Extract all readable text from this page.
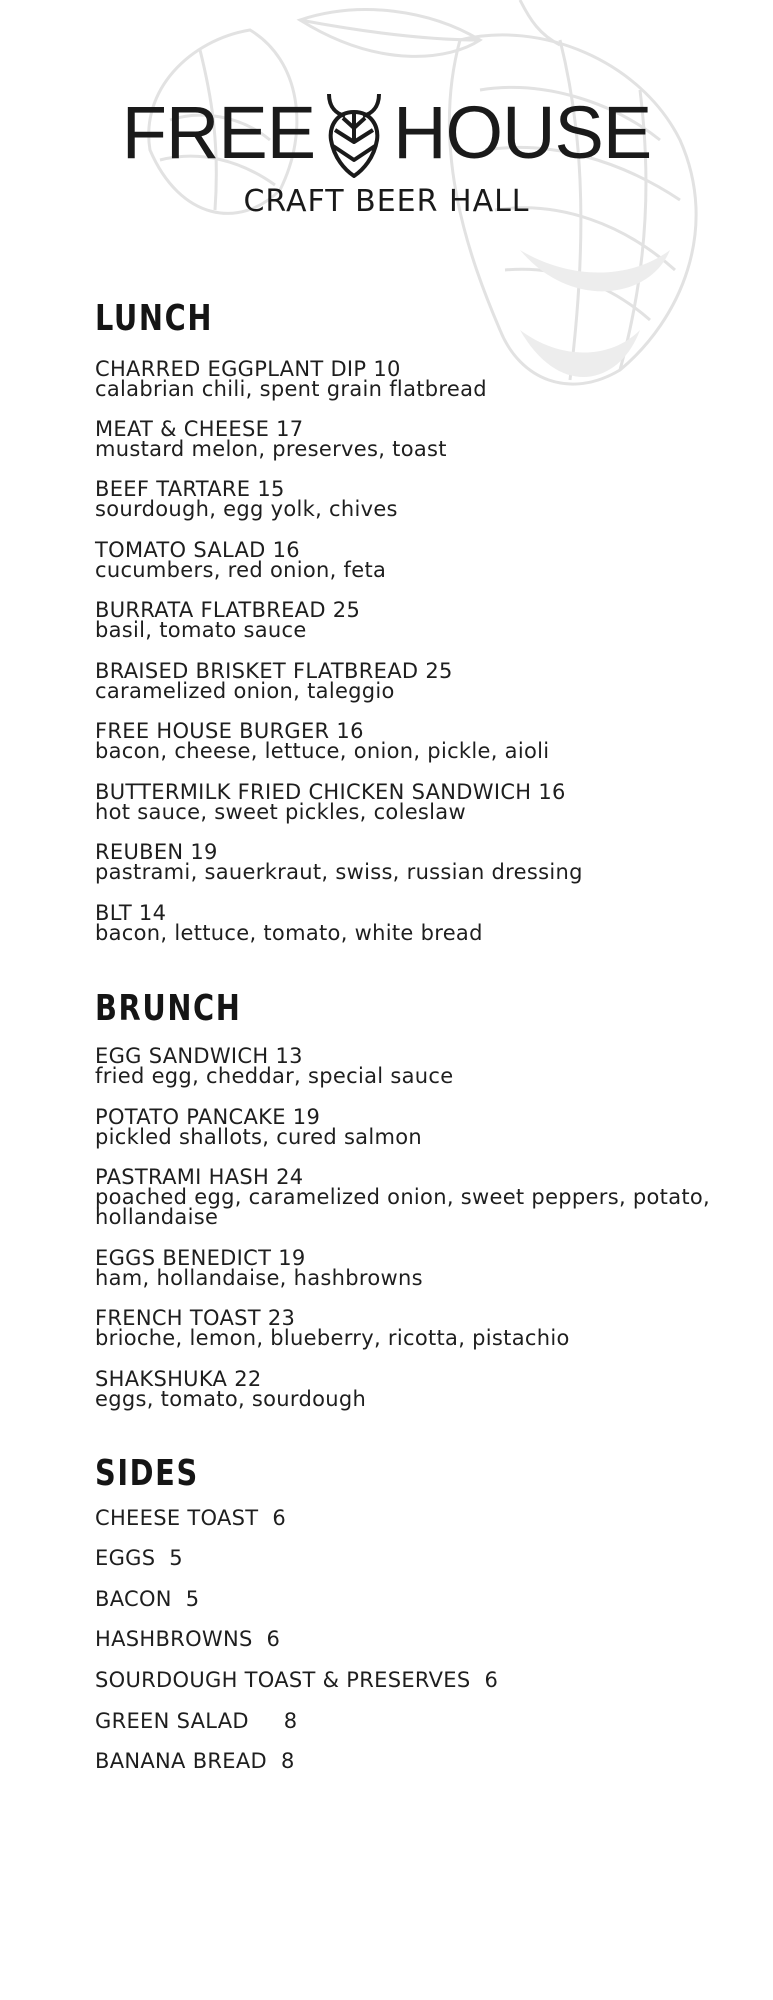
FREE HOUSE
CRAFT BEER HALL
LUNCH
CHARRED EGGPLANT DIP 10
calabrian chili, spent grain flatbread
MEAT & CHEESE 17
mustard melon, preserves, toast
BEEF TARTARE 15
sourdough, egg yolk, chives
TOMATO SALAD 16
cucumbers, red onion, feta
BURRATA FLATBREAD 25
basil, tomato sauce
BRAISED BRISKET FLATBREAD 25
caramelized onion, taleggio
FREE HOUSE BURGER 16
bacon, cheese, lettuce, onion, pickle, aioli
BUTTERMILK FRIED CHICKEN SANDWICH 16
hot sauce, sweet pickles, coleslaw
REUBEN 19
pastrami, sauerkraut, swiss, russian dressing
BLT 14
bacon, lettuce, tomato, white bread
BRUNCH
EGG SANDWICH 13
fried egg, cheddar, special sauce
POTATO PANCAKE 19
pickled shallots, cured salmon
PASTRAMI HASH 24
poached egg, caramelized onion, sweet peppers, potato, hollandaise
EGGS BENEDICT 19
ham, hollandaise, hashbrowns
FRENCH TOAST 23
brioche, lemon, blueberry, ricotta, pistachio
SHAKSHUKA 22
eggs, tomato, sourdough
SIDES
CHEESE TOAST  6
EGGS  5
BACON  5
HASHBROWNS  6
SOURDOUGH TOAST & PRESERVES  6
GREEN SALAD     8
BANANA BREAD  8
